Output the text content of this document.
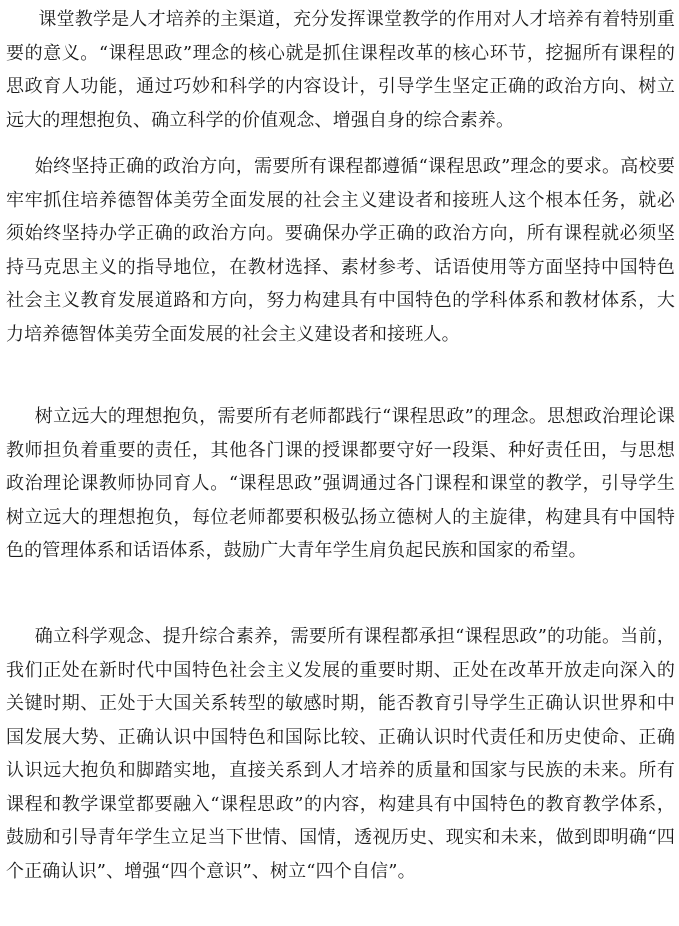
课堂教学是人才培养的主渠道，充分发挥课堂教学的作用对人才培养有着特别重要的意义。“课程思政”理念的核心就是抓住课程改革的核心环节，挖掘所有课程的思政育人功能，通过巧妙和科学的内容设计，引导学生坚定正确的政治方向、树立远大的理想抱负、确立科学的价值观念、增强自身的综合素养。

始终坚持正确的政治方向，需要所有课程都遵循“课程思政”理念的要求。高校要牢牢抓住培养德智体美劳全面发展的社会主义建设者和接班人这个根本任务，就必须始终坚持办学正确的政治方向。要确保办学正确的政治方向，所有课程就必须坚持马克思主义的指导地位，在教材选择、素材参考、话语使用等方面坚持中国特色社会主义教育发展道路和方向，努力构建具有中国特色的学科体系和教材体系，大力培养德智体美劳全面发展的社会主义建设者和接班人。

树立远大的理想抱负，需要所有老师都践行“课程思政”的理念。思想政治理论课教师担负着重要的责任，其他各门课的授课都要守好一段渠、种好责任田，与思想政治理论课教师协同育人。“课程思政”强调通过各门课程和课堂的教学，引导学生树立远大的理想抱负，每位老师都要积极弘扬立德树人的主旋律，构建具有中国特色的管理体系和话语体系，鼓励广大青年学生肩负起民族和国家的希望。

确立科学观念、提升综合素养，需要所有课程都承担“课程思政”的功能。当前，我们正处在新时代中国特色社会主义发展的重要时期、正处在改革开放走向深入的关键时期、正处于大国关系转型的敏感时期，能否教育引导学生正确认识世界和中国发展大势、正确认识中国特色和国际比较、正确认识时代责任和历史使命、正确认识远大抱负和脚踏实地，直接关系到人才培养的质量和国家与民族的未来。所有课程和教学课堂都要融入“课程思政”的内容，构建具有中国特色的教育教学体系，鼓励和引导青年学生立足当下世情、国情，透视历史、现实和未来，做到即明确“四个正确认识”、增强“四个意识”、树立“四个自信”。
